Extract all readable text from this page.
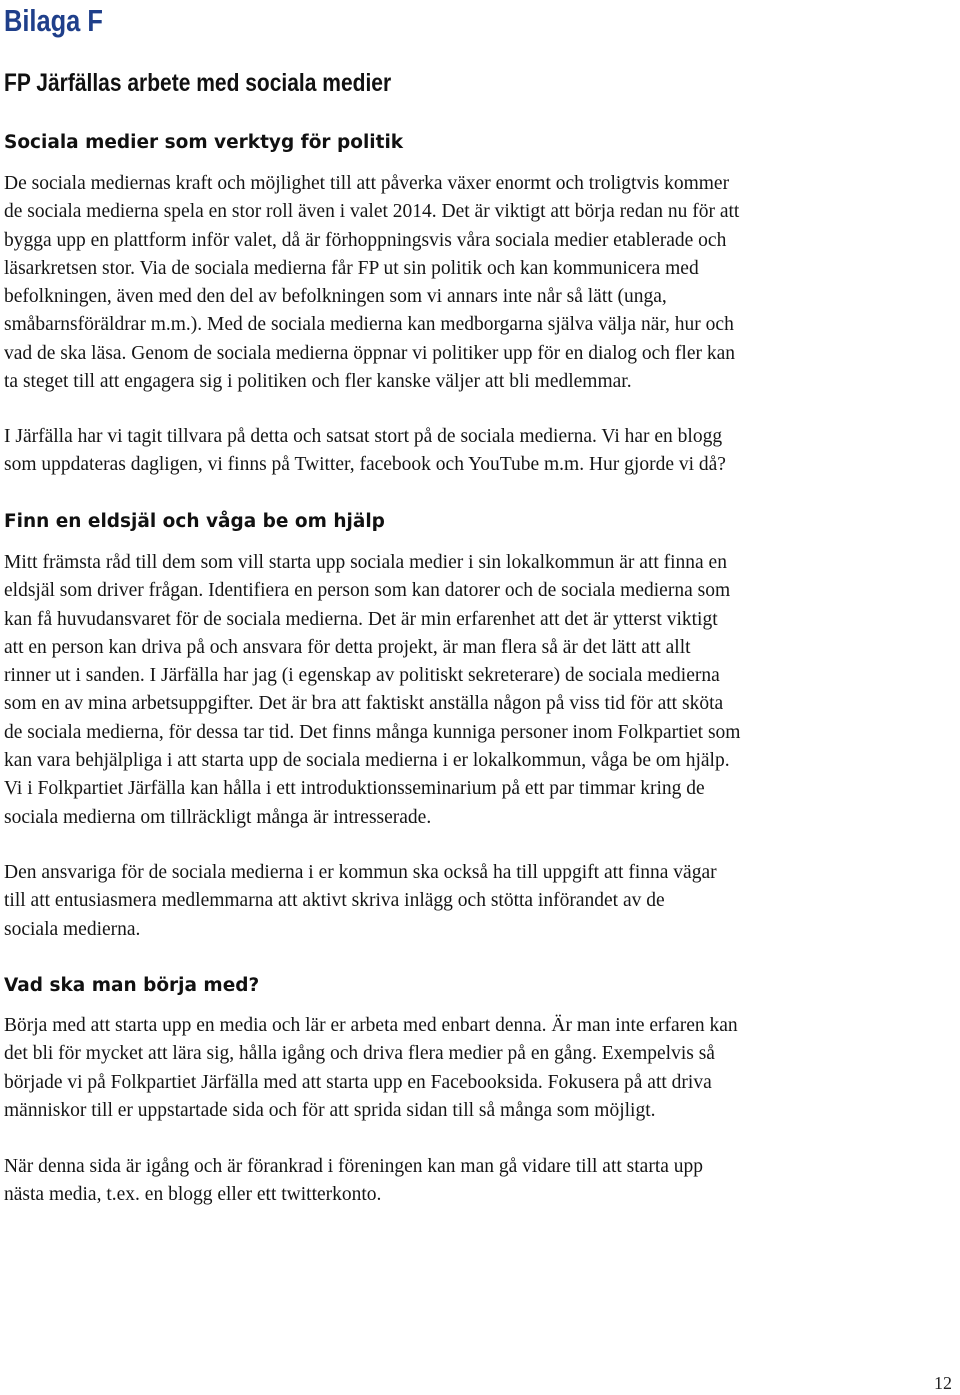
Bilaga F
FP Järfällas arbete med sociala medier
Sociala medier som verktyg för politik

De sociala mediernas kraft och möjlighet till att påverka växer enormt och troligtvis kommer
de sociala medierna spela en stor roll även i valet 2014. Det är viktigt att börja redan nu för att
bygga upp en plattform inför valet, då är förhoppningsvis våra sociala medier etablerade och
läsarkretsen stor. Via de sociala medierna får FP ut sin politik och kan kommunicera med
befolkningen, även med den del av befolkningen som vi annars inte når så lätt (unga,
småbarnsföräldrar m.m.). Med de sociala medierna kan medborgarna själva välja när, hur och
vad de ska läsa. Genom de sociala medierna öppnar vi politiker upp för en dialog och fler kan
ta steget till att engagera sig i politiken och fler kanske väljer att bli medlemmar.

I Järfälla har vi tagit tillvara på detta och satsat stort på de sociala medierna. Vi har en blogg
som uppdateras dagligen, vi finns på Twitter, facebook och YouTube m.m. Hur gjorde vi då?

Finn en eldsjäl och våga be om hjälp

Mitt främsta råd till dem som vill starta upp sociala medier i sin lokalkommun är att finna en
eldsjäl som driver frågan. Identifiera en person som kan datorer och de sociala medierna som
kan få huvudansvaret för de sociala medierna. Det är min erfarenhet att det är ytterst viktigt
att en person kan driva på och ansvara för detta projekt, är man flera så är det lätt att allt
rinner ut i sanden. I Järfälla har jag (i egenskap av politiskt sekreterare) de sociala medierna
som en av mina arbetsuppgifter. Det är bra att faktiskt anställa någon på viss tid för att sköta
de sociala medierna, för dessa tar tid. Det finns många kunniga personer inom Folkpartiet som
kan vara behjälpliga i att starta upp de sociala medierna i er lokalkommun, våga be om hjälp.
Vi i Folkpartiet Järfälla kan hålla i ett introduktionsseminarium på ett par timmar kring de
sociala medierna om tillräckligt många är intresserade.

Den ansvariga för de sociala medierna i er kommun ska också ha till uppgift att finna vägar
till att entusiasmera medlemmarna att aktivt skriva inlägg och stötta införandet av de
sociala medierna.

Vad ska man börja med?

Börja med att starta upp en media och lär er arbeta med enbart denna. Är man inte erfaren kan
det bli för mycket att lära sig, hålla igång och driva flera medier på en gång. Exempelvis så
började vi på Folkpartiet Järfälla med att starta upp en Facebooksida. Fokusera på att driva
människor till er uppstartade sida och för att sprida sidan till så många som möjligt.

När denna sida är igång och är förankrad i föreningen kan man gå vidare till att starta upp
nästa media, t.ex. en blogg eller ett twitterkonto.

12
